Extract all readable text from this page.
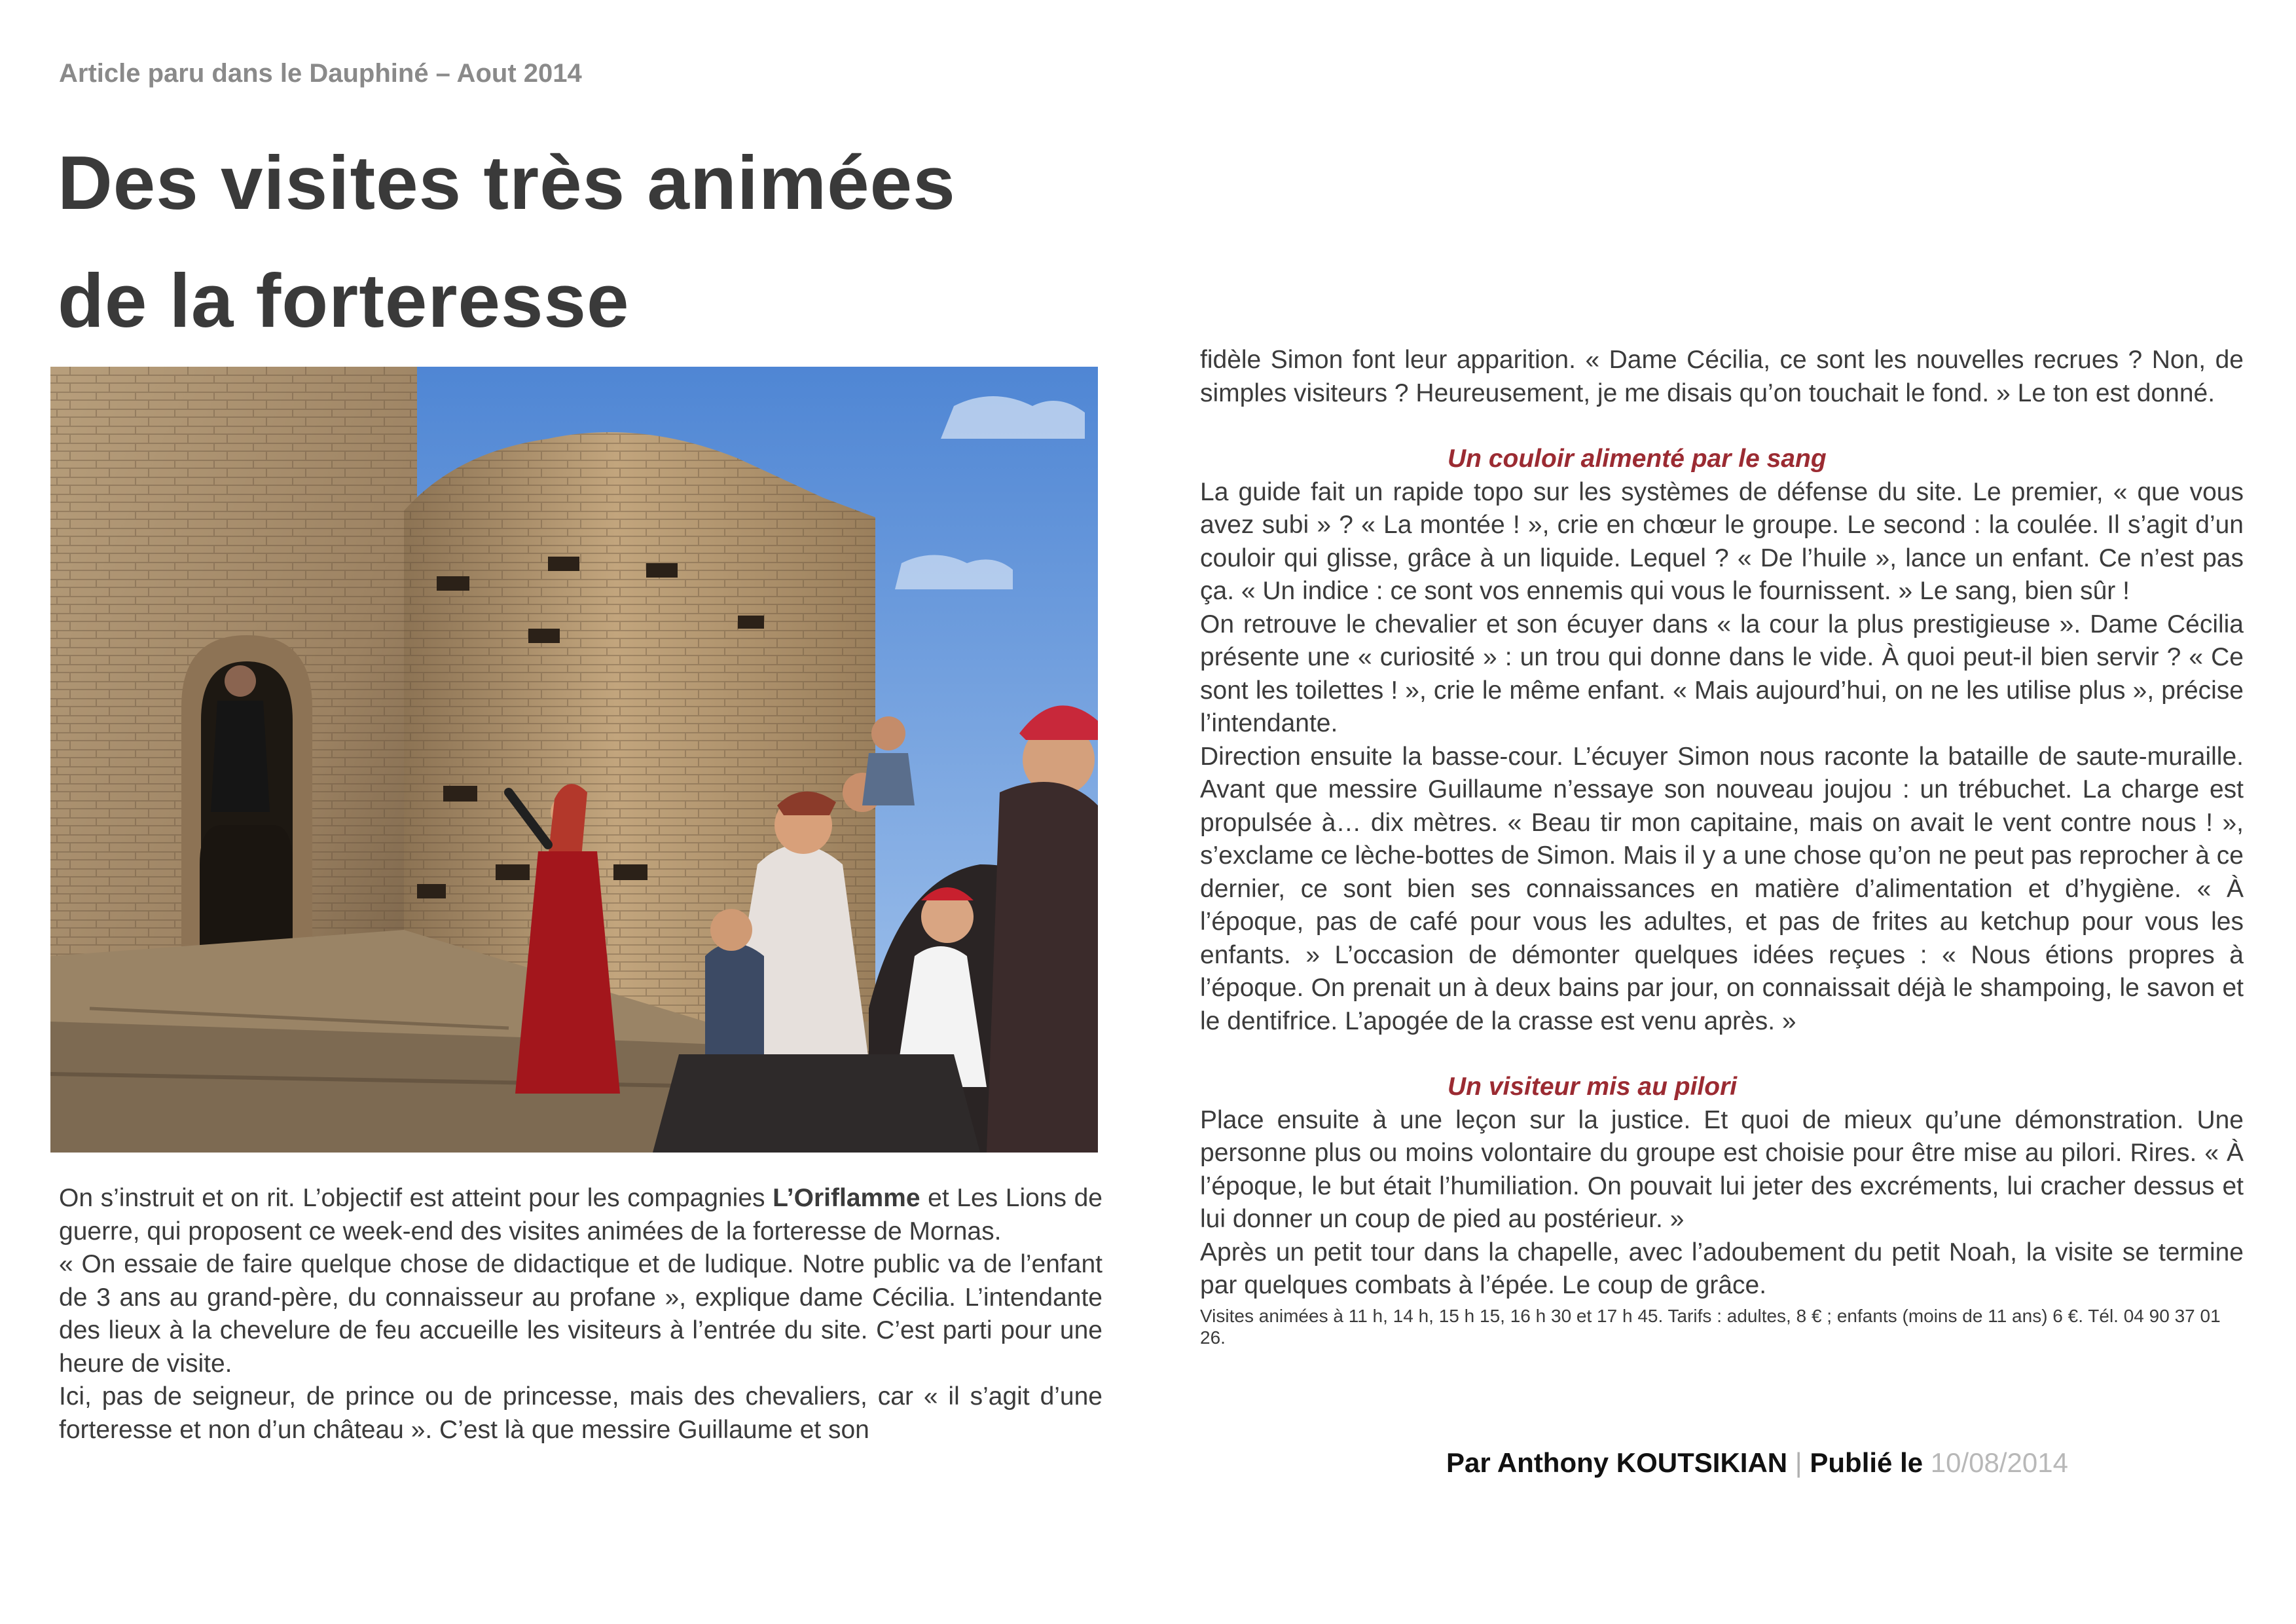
Article paru dans le Dauphiné – Aout 2014
Des visites très animées
de la forteresse

On s’instruit et on rit. L’objectif est atteint pour les compagnies L’Oriflamme et Les Lions de guerre, qui proposent ce week-end des visites animées de la forteresse de Mornas.

« On essaie de faire quelque chose de didactique et de ludique. Notre public va de l’enfant de 3 ans au grand-père, du connaisseur au profane », explique dame Cécilia. L’intendante des lieux à la chevelure de feu accueille les visiteurs à l’entrée du site. C’est parti pour une heure de visite.

Ici, pas de seigneur, de prince ou de princesse, mais des chevaliers, car « il s’agit d’une forteresse et non d’un château ». C’est là que messire Guillaume et son

fidèle Simon font leur apparition. « Dame Cécilia, ce sont les nouvelles recrues ? Non, de simples visiteurs ? Heureusement, je me disais qu’on touchait le fond. » Le ton est donné.

Un couloir alimenté par le sang

La guide fait un rapide topo sur les systèmes de défense du site. Le premier, « que vous avez subi » ? « La montée ! », crie en chœur le groupe. Le second : la coulée. Il s’agit d’un couloir qui glisse, grâce à un liquide. Lequel ? « De l’huile », lance un enfant. Ce n’est pas ça. « Un indice : ce sont vos ennemis qui vous le fournissent. » Le sang, bien sûr !

On retrouve le chevalier et son écuyer dans « la cour la plus prestigieuse ». Dame Cécilia présente une « curiosité » : un trou qui donne dans le vide. À quoi peut-il bien servir ? « Ce sont les toilettes ! », crie le même enfant. « Mais aujourd’hui, on ne les utilise plus », précise l’intendante.

Direction ensuite la basse-cour. L’écuyer Simon nous raconte la bataille de saute-muraille. Avant que messire Guillaume n’essaye son nouveau joujou : un trébuchet. La charge est propulsée à… dix mètres. « Beau tir mon capitaine, mais on avait le vent contre nous ! », s’exclame ce lèche-bottes de Simon. Mais il y a une chose qu’on ne peut pas reprocher à ce dernier, ce sont bien ses connaissances en matière d’alimentation et d’hygiène. « À l’époque, pas de café pour vous les adultes, et pas de frites au ketchup pour vous les enfants. » L’occasion de démonter quelques idées reçues : « Nous étions propres à l’époque. On prenait un à deux bains par jour, on connaissait déjà le shampoing, le savon et le dentifrice. L’apogée de la crasse est venu après. »

Un visiteur mis au pilori

Place ensuite à une leçon sur la justice. Et quoi de mieux qu’une démonstration. Une personne plus ou moins volontaire du groupe est choisie pour être mise au pilori. Rires. « À l’époque, le but était l’humiliation. On pouvait lui jeter des excréments, lui cracher dessus et lui donner un coup de pied au postérieur. »

Après un petit tour dans la chapelle, avec l’adoubement du petit Noah, la visite se termine par quelques combats à l’épée. Le coup de grâce.

Visites animées à 11 h, 14 h, 15 h 15, 16 h 30 et 17 h 45. Tarifs : adultes, 8 € ; enfants (moins de 11 ans) 6 €. Tél. 04 90 37 01 26.

Par Anthony KOUTSIKIAN | Publié le 10/08/2014
